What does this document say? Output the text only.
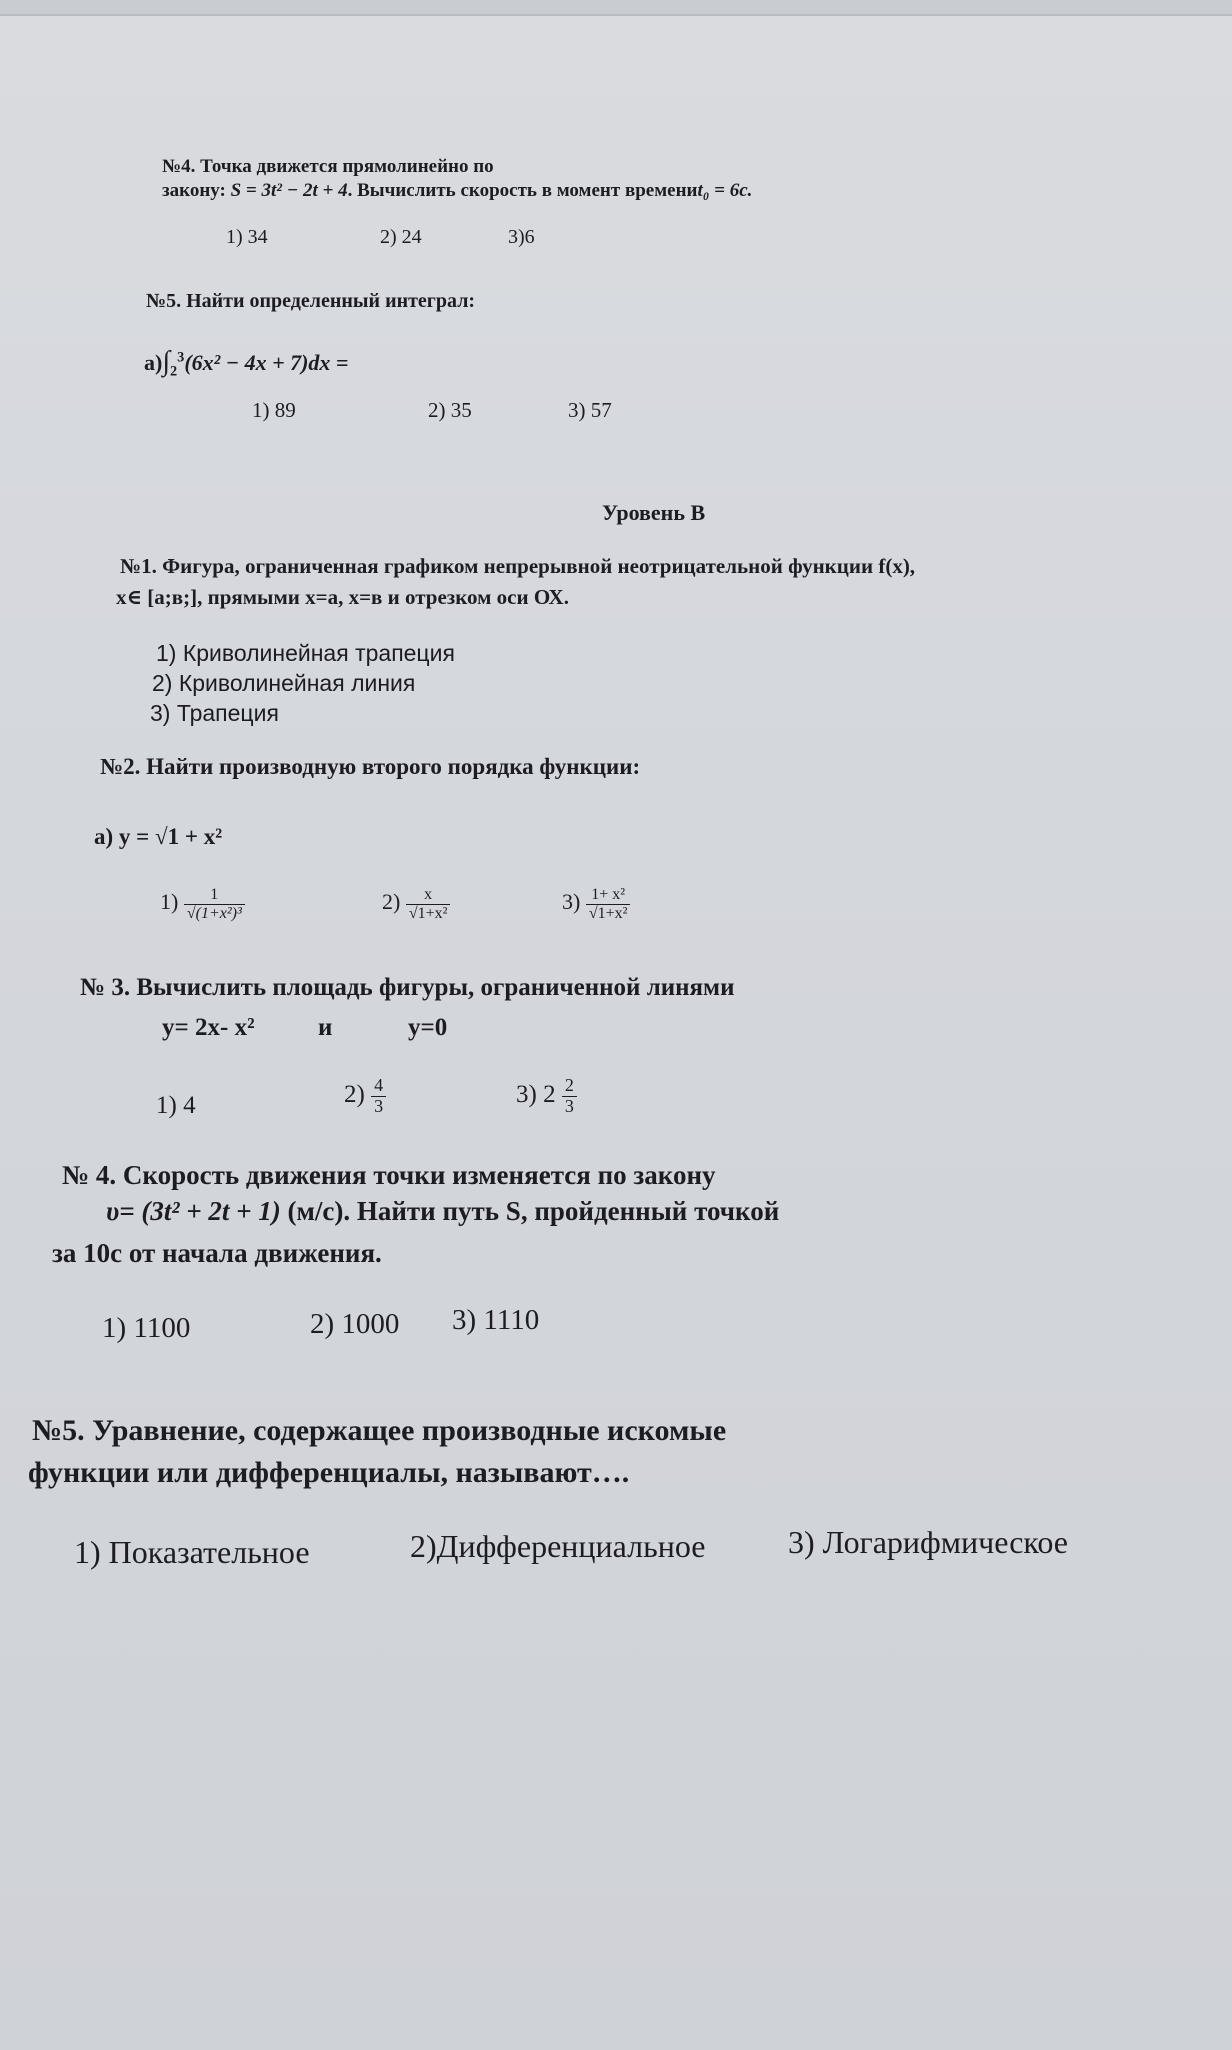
№4. Точка движется прямолинейно по
закону: S = 3t² − 2t + 4. Вычислить скорость в момент времениt₀ = 6c.
1) 34	2) 24	3)6
№5. Найти определенный интеграл:
$а)\int_2^3(6x^2 - 4x + 7)dx$ =
1) 89	2) 35	3) 57
Уровень В
№1. Фигура, ограниченная графиком непрерывной неотрицательной функции f(x),
x∈ [a;в;], прямыми x=a, x=в и отрезком оси ОХ.
1) Криволинейная трапеция
2) Криволинейная линия
3) Трапеция
№2. Найти производную второго порядка функции:
а) y = √1 + x²
$1) \frac{1}{\text{√(1+x²)³}}$	$2) \frac{x}{\text{√1+x²}}$	$3) \frac{\text{1+ x²}}{\text{√1+x²}}$
№ 3. Вычислить площадь фигуры, ограниченной линями
y= 2x- x²	и	y=0
1) 4	$2) \frac{4}{3}$	3) $2 \frac{2}{3}$
№ 4. Скорость движения точки изменяется по закону
υ= (3t² + 2t + 1) (м/с). Найти путь S, пройденный точкой
за 10с от начала движения.
1) 1100	2) 1000 3) 1110
№5. Уравнение, содержащее производные искомые
функции или дифференциалы, называют….
1) Показательное	2)Дифференциальное	3) Логарифмическое
